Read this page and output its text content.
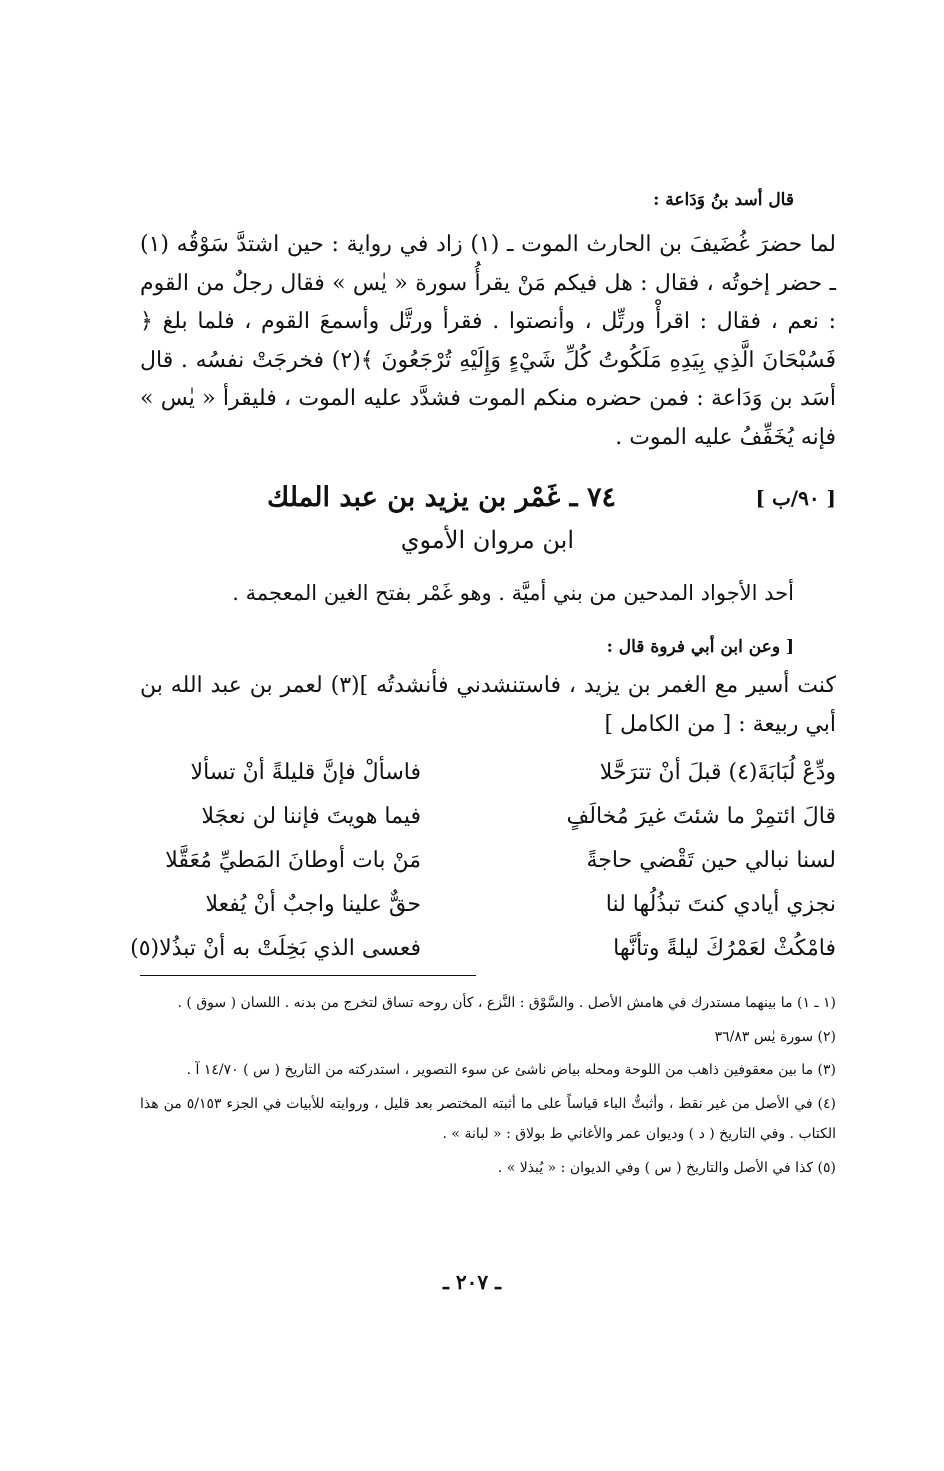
قال أسد بنُ وَدَاعة :
لما حضرَ غُضَيفَ بن الحارث الموت ـ (١) زاد في رواية : حين اشتدَّ سَوْقُه (١) ـ حضر إخوتُه ، فقال : هل فيكم مَنْ يقرأُ سورة « يٰس » فقال رجلٌ من القوم : نعم ، فقال : اقرأْ ورتِّل ، وأنصتوا . فقرأ ورتَّل وأسمعَ القوم ، فلما بلغ ﴿ فَسُبْحَانَ الَّذِي بِيَدِهِ مَلَكُوتُ كُلِّ شَيْءٍ وَإِلَيْهِ تُرْجَعُونَ ﴾(٢) فخرجَتْ نفسُه . قال أسَد بن وَدَاعة : فمن حضره منكم الموت فشدَّد عليه الموت ، فليقرأ « يٰس » فإنه يُخَفِّفُ عليه الموت .
[ ٩٠/ب ]
٧٤ ـ غَمْر بن يزيد بن عبد الملك
ابن مروان الأموي
أحد الأجواد المدحين من بني أميَّة . وهو غَمْر بفتح الغين المعجمة .
[ وعن ابن أبي فروة قال :
كنت أسير مع الغمر بن يزيد ، فاستنشدني فأنشدتُه ](٣) لعمر بن عبد الله بن أبي ربيعة : [ من الكامل ]
ودِّعْ لُبَابَةَ(٤) قبلَ أنْ تترَحَّلا
فاسألْ فإنَّ قليلةً أنْ تسألا
قالَ ائتمِرْ ما شئتَ غيرَ مُخالَفٍ
فيما هويتَ فإننا لن نعجَلا
لسنا نبالي حين تَقْضي حاجةً
مَنْ بات أوطانَ المَطيِّ مُعَقَّلا
نجزي أيادي كنتَ تبذُلُها لنا
حقٌّ علينا واجبٌ أنْ يُفعلا
فامْكُثْ لعَمْرُكَ ليلةً وتأنَّها
فعسى الذي بَخِلَتْ به أنْ تبذُلا(٥)

(١ ـ ١) ما بينهما مستدرك في هامش الأصل . والسَّوْق : النَّزع ، كأن روحه تساق لتخرج من بدنه . اللسان ( سوق ) .

(٢) سورة يٰس ٣٦/٨٣

(٣) ما بين معقوفين ذاهب من اللوحة ومحله بياض ناشئ عن سوء التصوير ، استدركته من التاريخ ( س ) ١٤/٧٠ آ .

(٤) في الأصل من غير نقط ، وأثبتُّ الباء قياساً على ما أثبته المختصر بعد قليل ، وروايته للأبيات في الجزء ٥/١٥٣ من هذا الكتاب . وفي التاريخ ( د ) وديوان عمر والأغاني ط بولاق : « لبانة » .

(٥) كذا في الأصل والتاريخ ( س ) وفي الديوان : « يُبذلا » .

ـ ٢٠٧ ـ
